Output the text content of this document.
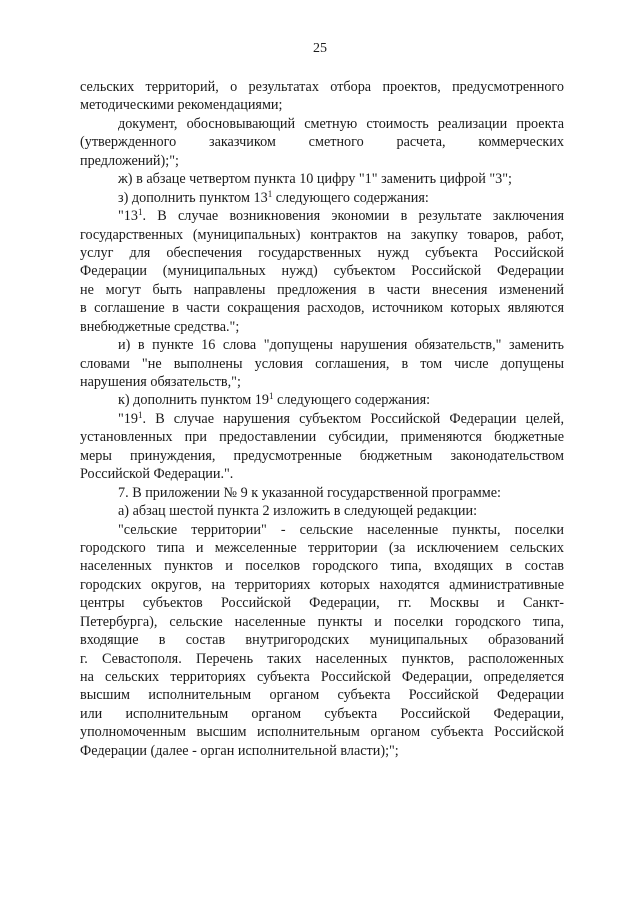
25
сельских территорий, о результатах отбора проектов, предусмотренного
методическими рекомендациями;
документ, обосновывающий сметную стоимость реализации проекта
(утвержденного заказчиком сметного расчета, коммерческих
предложений);";
ж) в абзаце четвертом пункта 10 цифру "1" заменить цифрой "3";
з) дополнить пунктом $13^1$ следующего содержания:
"$13^1$. В случае возникновения экономии в результате заключения
государственных (муниципальных) контрактов на закупку товаров, работ,
услуг для обеспечения государственных нужд субъекта Российской
Федерации (муниципальных нужд) субъектом Российской Федерации
не могут быть направлены предложения в части внесения изменений
в соглашение в части сокращения расходов, источником которых являются
внебюджетные средства.";
и) в пункте 16 слова "допущены нарушения обязательств," заменить
словами "не выполнены условия соглашения, в том числе допущены
нарушения обязательств,";
к) дополнить пунктом $19^1$ следующего содержания:
"$19^1$. В случае нарушения субъектом Российской Федерации целей,
установленных при предоставлении субсидии, применяются бюджетные
меры принуждения, предусмотренные бюджетным законодательством
Российской Федерации.".
7. В приложении № 9 к указанной государственной программе:
а) абзац шестой пункта 2 изложить в следующей редакции:
"сельские территории" - сельские населенные пункты, поселки
городского типа и межселенные территории (за исключением сельских
населенных пунктов и поселков городского типа, входящих в состав
городских округов, на территориях которых находятся административные
центры субъектов Российской Федерации, гг. Москвы и Санкт-
Петербурга), сельские населенные пункты и поселки городского типа,
входящие в состав внутригородских муниципальных образований
г. Севастополя. Перечень таких населенных пунктов, расположенных
на сельских территориях субъекта Российской Федерации, определяется
высшим исполнительным органом субъекта Российской Федерации
или исполнительным органом субъекта Российской Федерации,
уполномоченным высшим исполнительным органом субъекта Российской
Федерации (далее - орган исполнительной власти);";
